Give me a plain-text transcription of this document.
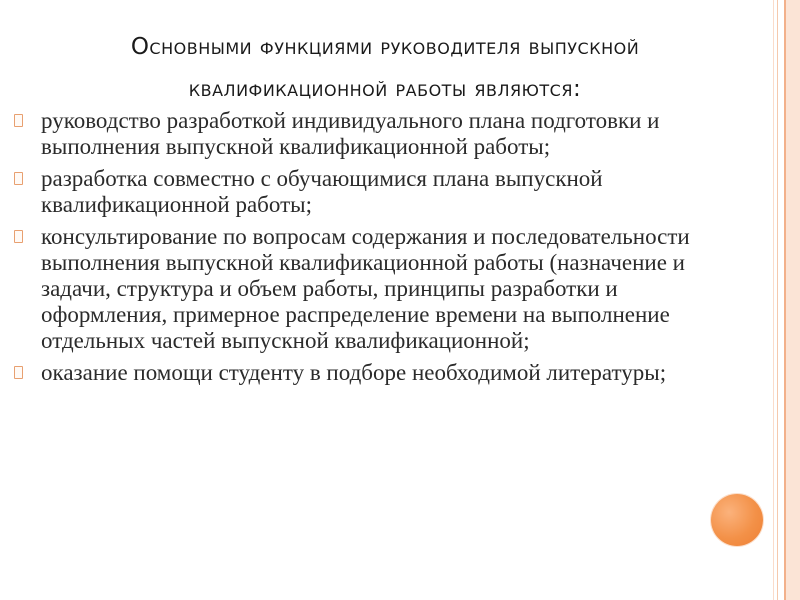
Основными функциями руководителя выпускной
квалификационной работы являются:
руководство разработкой индивидуального плана подготовки и выполнения выпускной квалификационной работы;
разработка совместно с обучающимися плана выпускной квалификационной работы;
консультирование по вопросам содержания и последовательности выполнения выпускной квалификационной работы (назначение и задачи, структура и объем работы, принципы разработки и оформления, примерное распределение времени на выполнение отдельных частей выпускной квалификационной;
оказание помощи студенту в подборе необходимой литературы;
